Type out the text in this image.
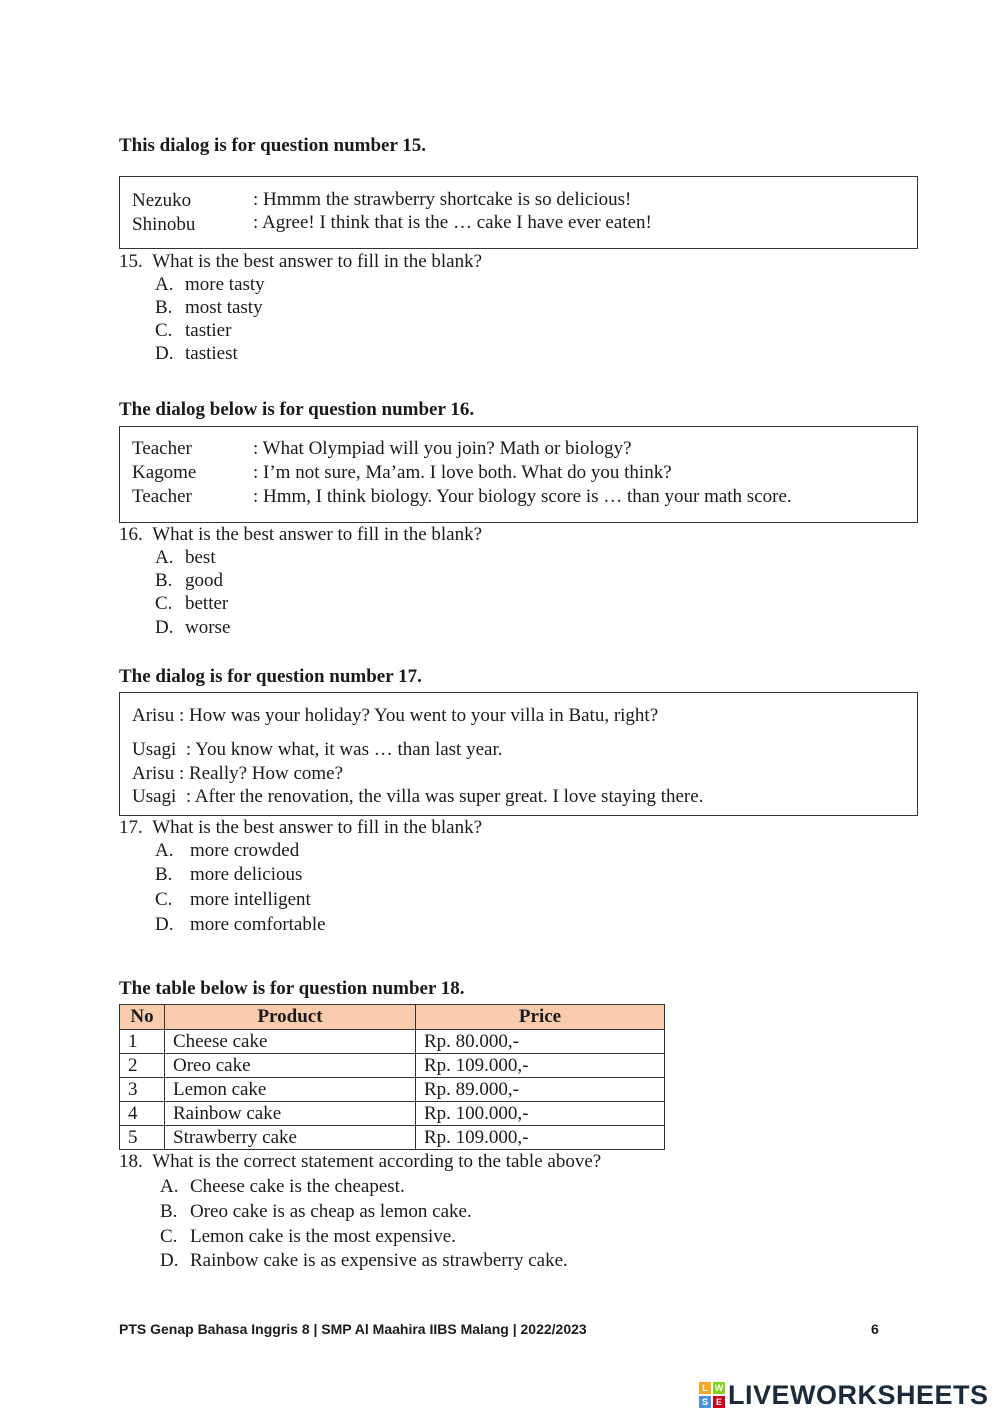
This dialog is for question number 15.
Nezuko	: Hmmm the strawberry shortcake is so delicious!
Shinobu	: Agree! I think that is the … cake I have ever eaten!
15. What is the best answer to fill in the blank?
A. more tasty
B. most tasty
C. tastier
D. tastiest
The dialog below is for question number 16.
Teacher	: What Olympiad will you join? Math or biology?
Kagome	: I’m not sure, Ma’am. I love both. What do you think?
Teacher	: Hmm, I think biology. Your biology score is … than your math score.
16. What is the best answer to fill in the blank?
A. best
B. good
C. better
D. worse
The dialog is for question number 17.
Arisu : How was your holiday? You went to your villa in Batu, right?
Usagi  : You know what, it was … than last year.
Arisu : Really? How come?
Usagi  : After the renovation, the villa was super great. I love staying there.
17. What is the best answer to fill in the blank?
A. more crowded
B. more delicious
C. more intelligent
D. more comfortable
The table below is for question number 18.
No	Product	Price
1	Cheese cake	Rp. 80.000,-
2	Oreo cake	Rp. 109.000,-
3	Lemon cake	Rp. 89.000,-
4	Rainbow cake	Rp. 100.000,-
5	Strawberry cake	Rp. 109.000,-
18. What is the correct statement according to the table above?
A. Cheese cake is the cheapest.
B. Oreo cake is as cheap as lemon cake.
C. Lemon cake is the most expensive.
D. Rainbow cake is as expensive as strawberry cake.
PTS Genap Bahasa Inggris 8 | SMP Al Maahira IIBS Malang | 2022/2023	6
L W
S E LIVEWORKSHEETS
